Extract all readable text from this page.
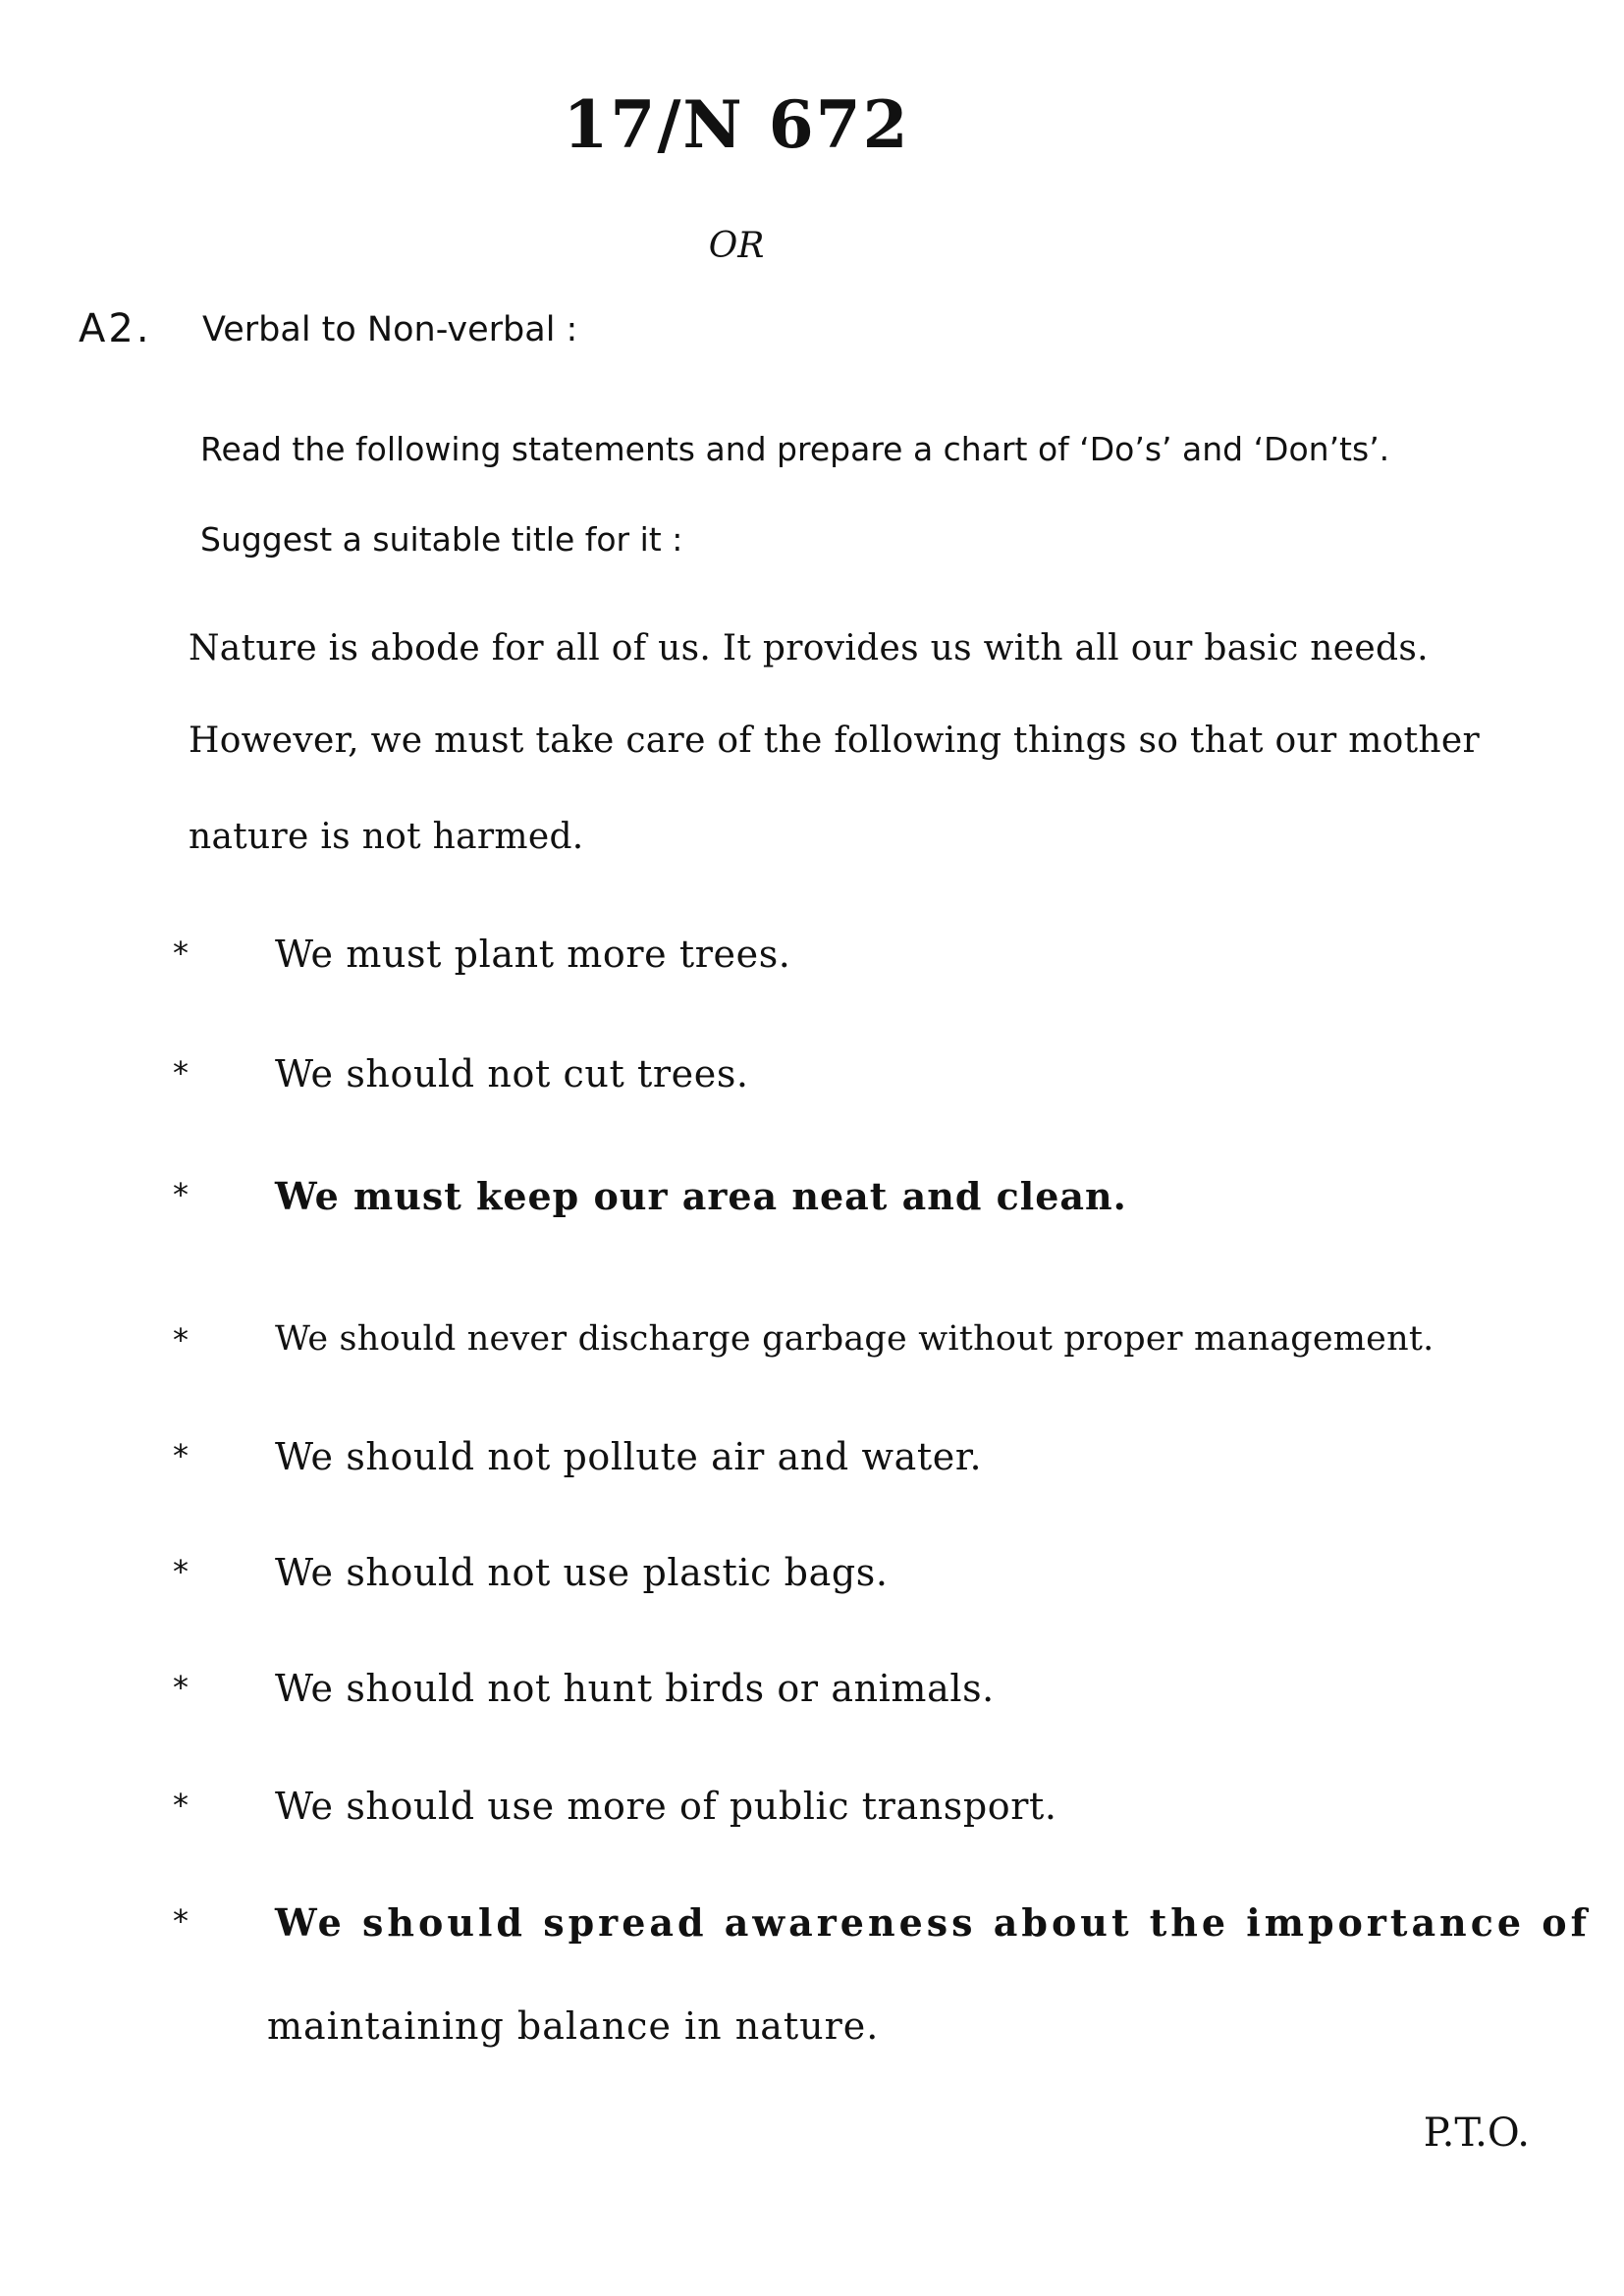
17/N 672
OR
A2. Verbal to Non-verbal :
Read the following statements and prepare a chart of ‘Do’s’ and ‘Don’ts’.
Suggest a suitable title for it :
Nature is abode for all of us. It provides us with all our basic needs.
However, we must take care of the following things so that our mother
nature is not harmed.
* We must plant more trees.
* We should not cut trees.
* We must keep our area neat and clean.
*	We should never discharge garbage without proper management.
* We should not pollute air and water.
* We should not use plastic bags.
* We should not hunt birds or animals.
* We should use more of public transport.
* We should spread awareness about the importance of
maintaining balance in nature.
P.T.O.
